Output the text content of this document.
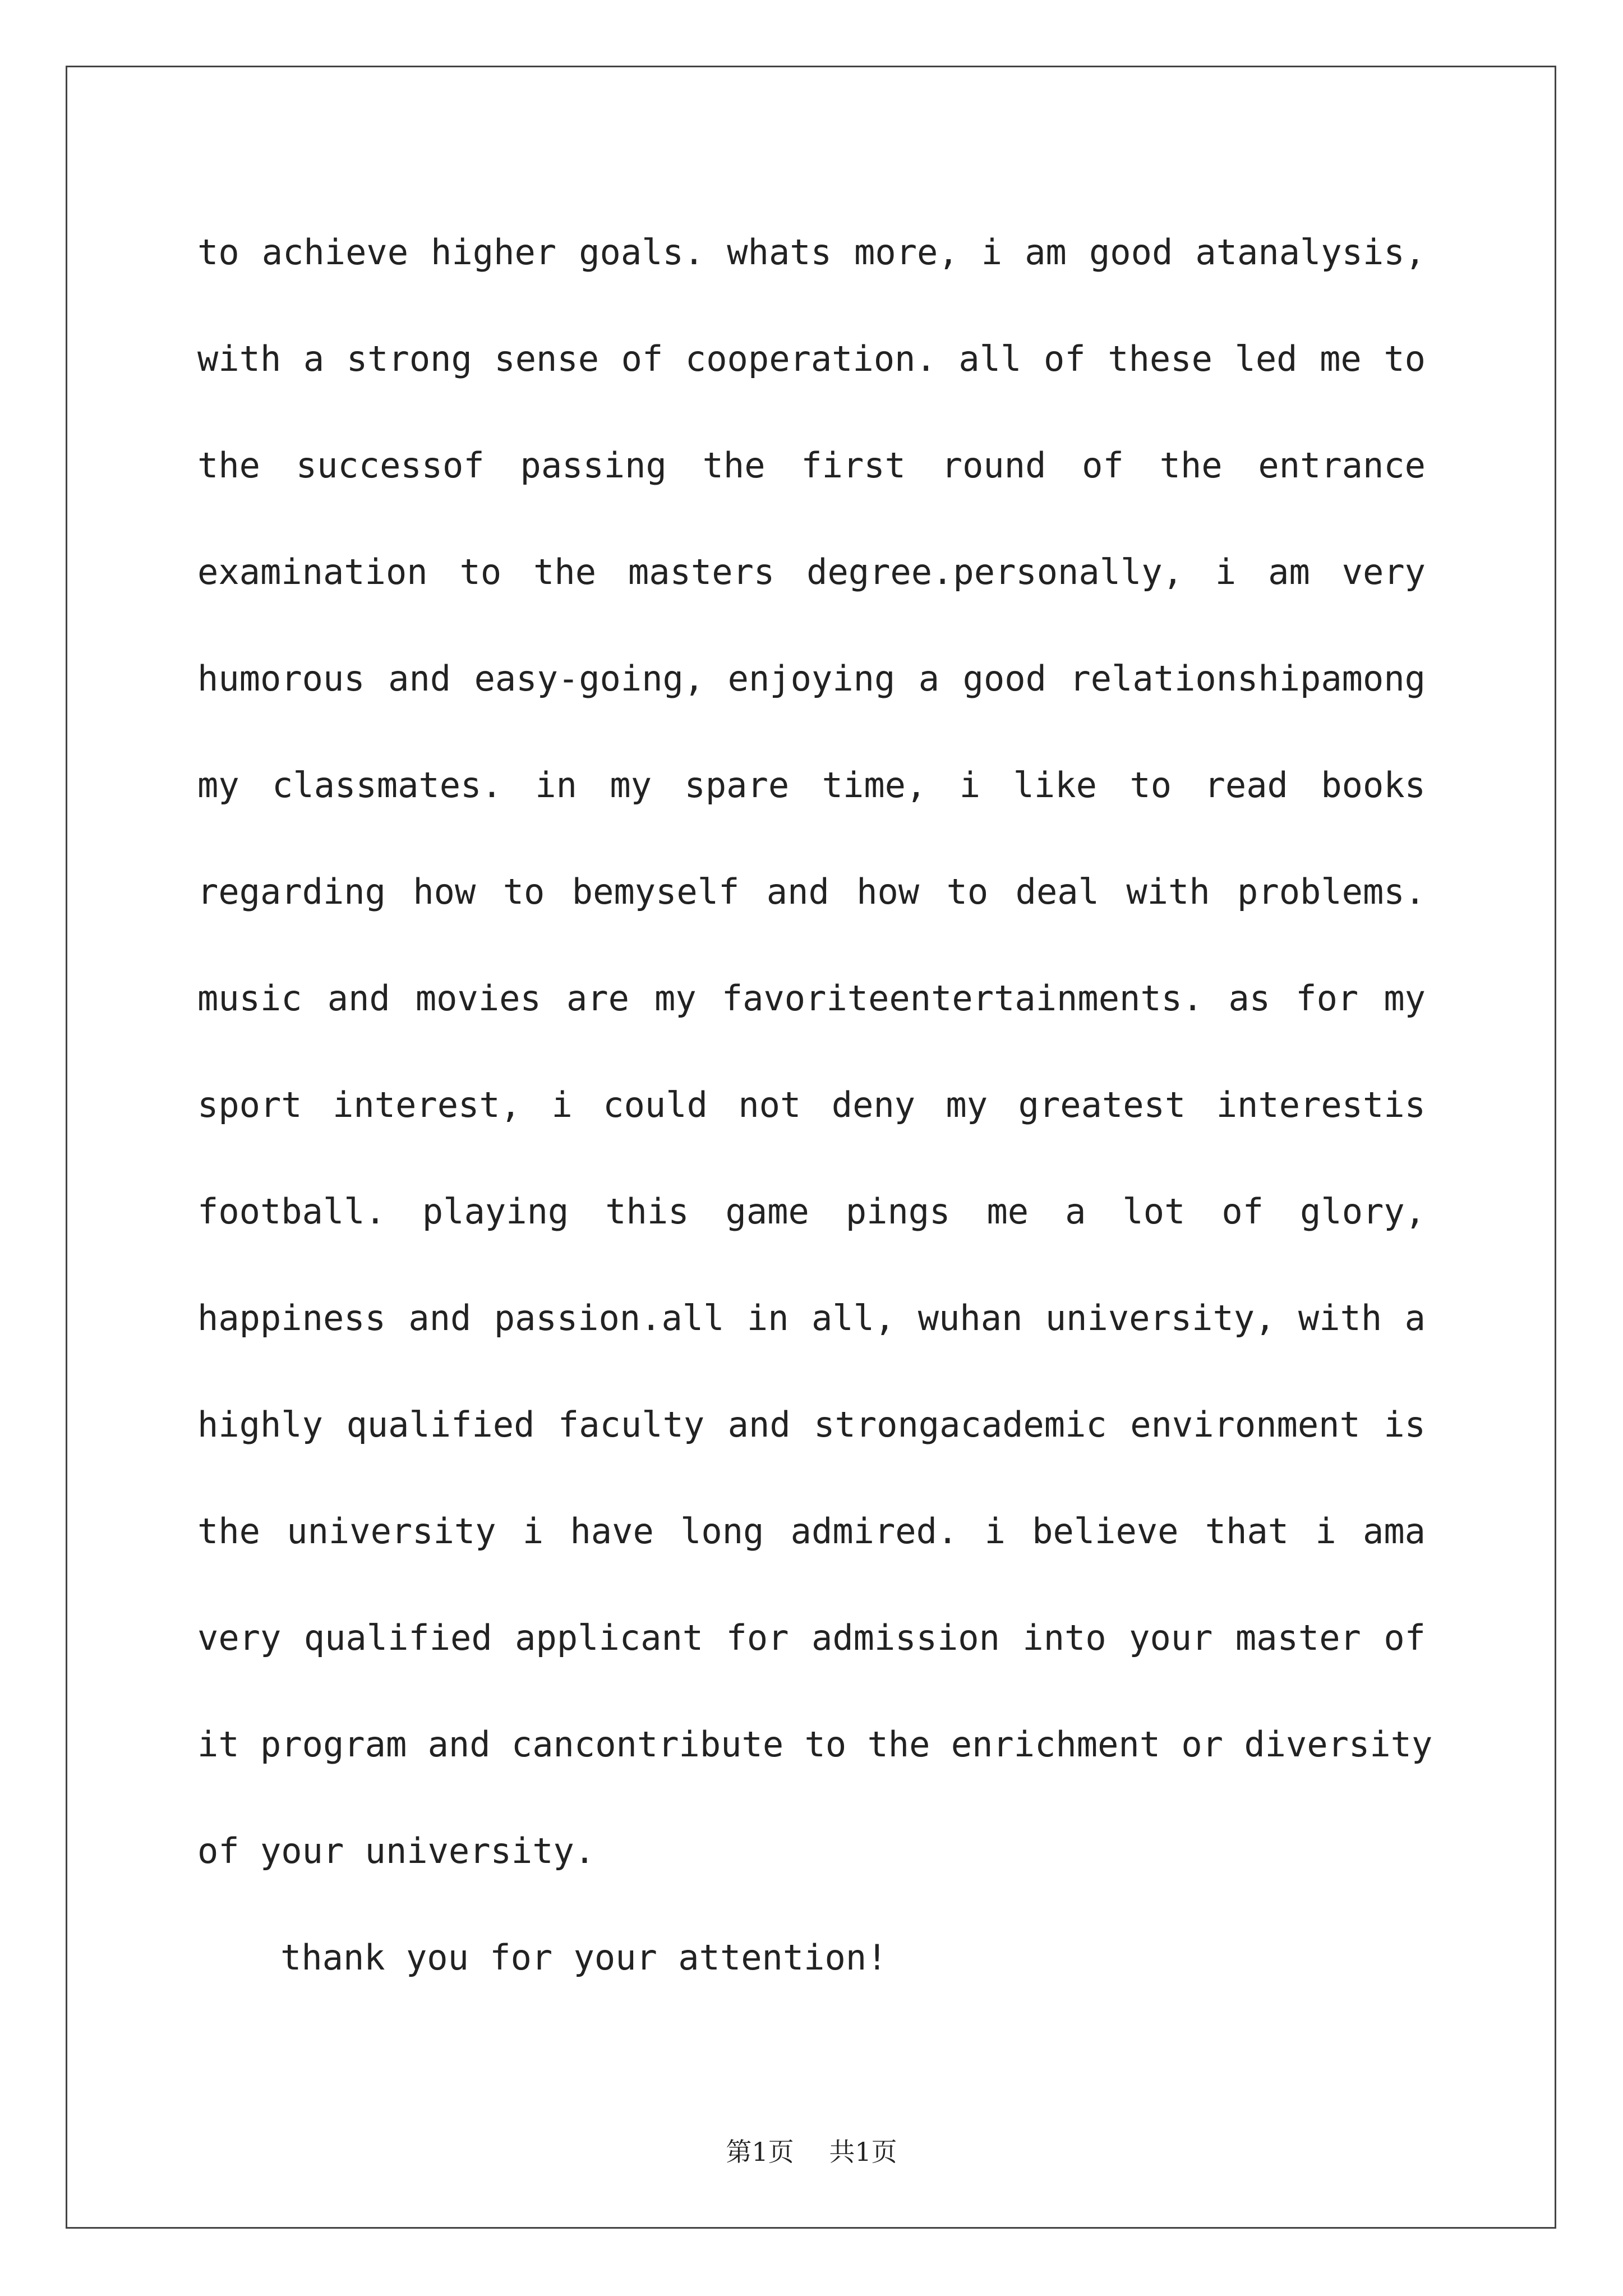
to achieve higher goals. whats more, i am good atanalysis,
with a strong sense of cooperation. all of these led me to
the successof passing the first round of the entrance
examination to the masters degree.personally, i am very
humorous and easy-going, enjoying a good relationshipamong
my classmates. in my spare time, i like to read books
regarding how to bemyself and how to deal with problems.
music and movies are my favoriteentertainments. as for my
sport interest, i could not deny my greatest interestis
football. playing this game pings me a lot of glory,
happiness and passion.all in all, wuhan university, with a
highly qualified faculty and strongacademic environment is
the university i have long admired. i believe that i ama
very qualified applicant for admission into your master of
it program and cancontribute to the enrichment or diversity
of your university.
thank you for your attention!
第1页 共1页
